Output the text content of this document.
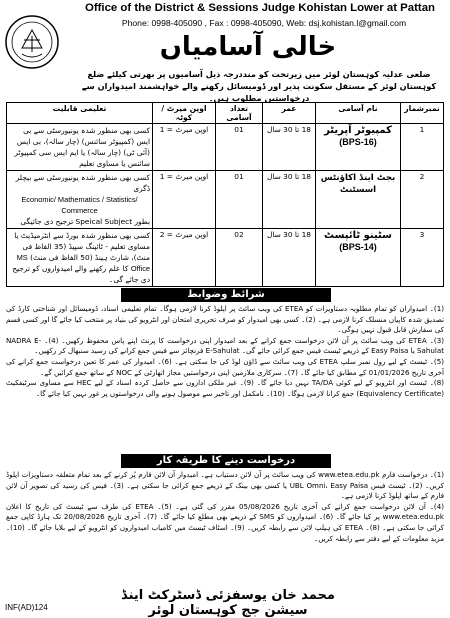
Office of the District & Sessions Judge Kohistan Lower at Pattan
Phone: 0998-405090 , Fax : 0998-405090, Web: dsj.kohistan.l@gmail.com
خالی آسامیاں
ضلعی عدلیہ کوہستان لوئر میں زیرتحت کو منددرجہ ذیل آسامیوں پر بھرتی کیلئے ضلع کوہستان لوئر کے مستقل سکونت پذیر اور ڈومیسائل رکھنے والے خواہشمند امیدواران سے درخواستیں مطلوب ہیں۔
نمبرشمار	نام آسامی	عمر	تعداد آسامی	اوپن میرٹ / کوٹہ	تعلیمی قابلیت
1	کمپیوٹر آپریٹر
(BPS-16)	18 تا 30 سال	01	اوپن میرٹ = 1	کسی بھی منظور شدہ یونیورسٹی سے بی ایس (کمپیوٹر سائنس) (چار سالہ)، بی ایس (آئی ٹی) (چار سالہ) یا ایم ایس سی کمپیوٹر سائنس یا مساوی تعلیم
2	بجٹ اینڈ اکاؤنٹس اسسٹنٹ	18 تا 30 سال	01	اوپن میرٹ = 1	کسی بھی منظور شدہ یونیورسٹی سے بیچلر ڈگری
Economic/ Mathematics / Statistics/ Commerce
بطور Speical Subject ترجیح دی جائیگی
3	سٹینو ٹائپسٹ
(BPS-14)	18 تا 30 سال	02	اوپن میرٹ = 2	کسی بھی منظور شدہ بورڈ سے انٹرمیڈیٹ یا مساوی تعلیم - ٹائپنگ سپیڈ (35 الفاظ فی منٹ)، شارٹ ہینڈ (50 الفاظ فی منٹ) MS Office کا علم رکھنے والے امیدواروں کو ترجیح دی جائے گی۔
شرائط وضوابط

(1)۔ امیدواران کو تمام مطلوبہ دستاویزات کو ETEA کی ویب سائٹ پر اپلوڈ کرنا لازمی ہوگا۔ تمام تعلیمی اسناد، ڈومیسائل اور شناختی کارڈ کی تصدیق شدہ کاپیاں منسلک کرنا لازمی ہے۔ (2)۔ کسی بھی امیدوار کو صرف تحریری امتحان اور انٹرویو کی بنیاد پر منتخب کیا جائے گا اور کسی قسم کی سفارش قابل قبول نہیں ہوگی۔

(3)۔ ETEA کی ویب سائٹ پر آن لائن درخواست جمع کرانے کے بعد امیدوار اپنی درخواست کا پرنٹ اپنے پاس محفوظ رکھیں۔ (4)۔ NADRA E-Sahulat یا Easy Paisa کے ذریعے ٹیسٹ فیس جمع کرائی جائے گی۔ E-Sahulat فرنچائز سے فیس جمع کرانے کی رسید سنبھال کر رکھیں۔

(5)۔ ٹیسٹ کے لیے رول نمبر سلپ ETEA کی ویب سائٹ سے ڈاؤن لوڈ کی جا سکتی ہے۔ (6)۔ امیدوار کی عمر کا تعین درخواست جمع کرانے کی آخری تاریخ 01/01/2026 کے مطابق کیا جائے گا۔ (7)۔ سرکاری ملازمین اپنی درخواستیں مجاز اتھارٹی کے NOC کے ساتھ جمع کرائیں گے۔

(8)۔ ٹیسٹ اور انٹرویو کے لیے کوئی TA/DA نہیں دیا جائے گا۔ (9)۔ غیر ملکی اداروں سے حاصل کردہ اسناد کے لیے HEC سے مساوی سرٹیفکیٹ (Equivalency Certificate) جمع کرانا لازمی ہوگا۔ (10)۔ نامکمل اور تاخیر سے موصول ہونے والی درخواستوں پر غور نہیں کیا جائے گا۔

درخواست دینے کا طریقہ کار

(1)۔ درخواست فارم www.etea.edu.pk کی ویب سائٹ پر آن لائن دستیاب ہے۔ امیدوار آن لائن فارم پُر کرنے کے بعد تمام متعلقہ دستاویزات اپلوڈ کریں۔ (2)۔ ٹیسٹ فیس UBL Omni، Easy Paisa یا کسی بھی بینک کے ذریعے جمع کرائی جا سکتی ہے۔ (3)۔ فیس کی رسید کی تصویر آن لائن فارم کے ساتھ اپلوڈ کرنا لازمی ہے۔

(4)۔ آن لائن درخواست جمع کرانے کی آخری تاریخ 05/08/2026 مقرر کی گئی ہے۔ (5)۔ ETEA کی طرف سے ٹیسٹ کی تاریخ کا اعلان www.etea.edu.pk پر کیا جائے گا۔ (6)۔ امیدواروں کو SMS کے ذریعے بھی مطلع کیا جائے گا۔ (7)۔ آخری تاریخ 20/08/2026 تک ہارڈ کاپی جمع کرائی جا سکتی ہے۔ (8)۔ ETEA کی ہیلپ لائن سے رابطہ کریں۔ (9)۔ اسٹاف ٹیسٹ میں کامیاب امیدواروں کو انٹرویو کے لیے بلایا جائے گا۔ (10)۔ مزید معلومات کے لیے دفتر سے رابطہ کریں۔

محمد خان یوسفزئی ڈسٹرکٹ اینڈ سیشن جج کوہستان لوئر
INF(AD)124
